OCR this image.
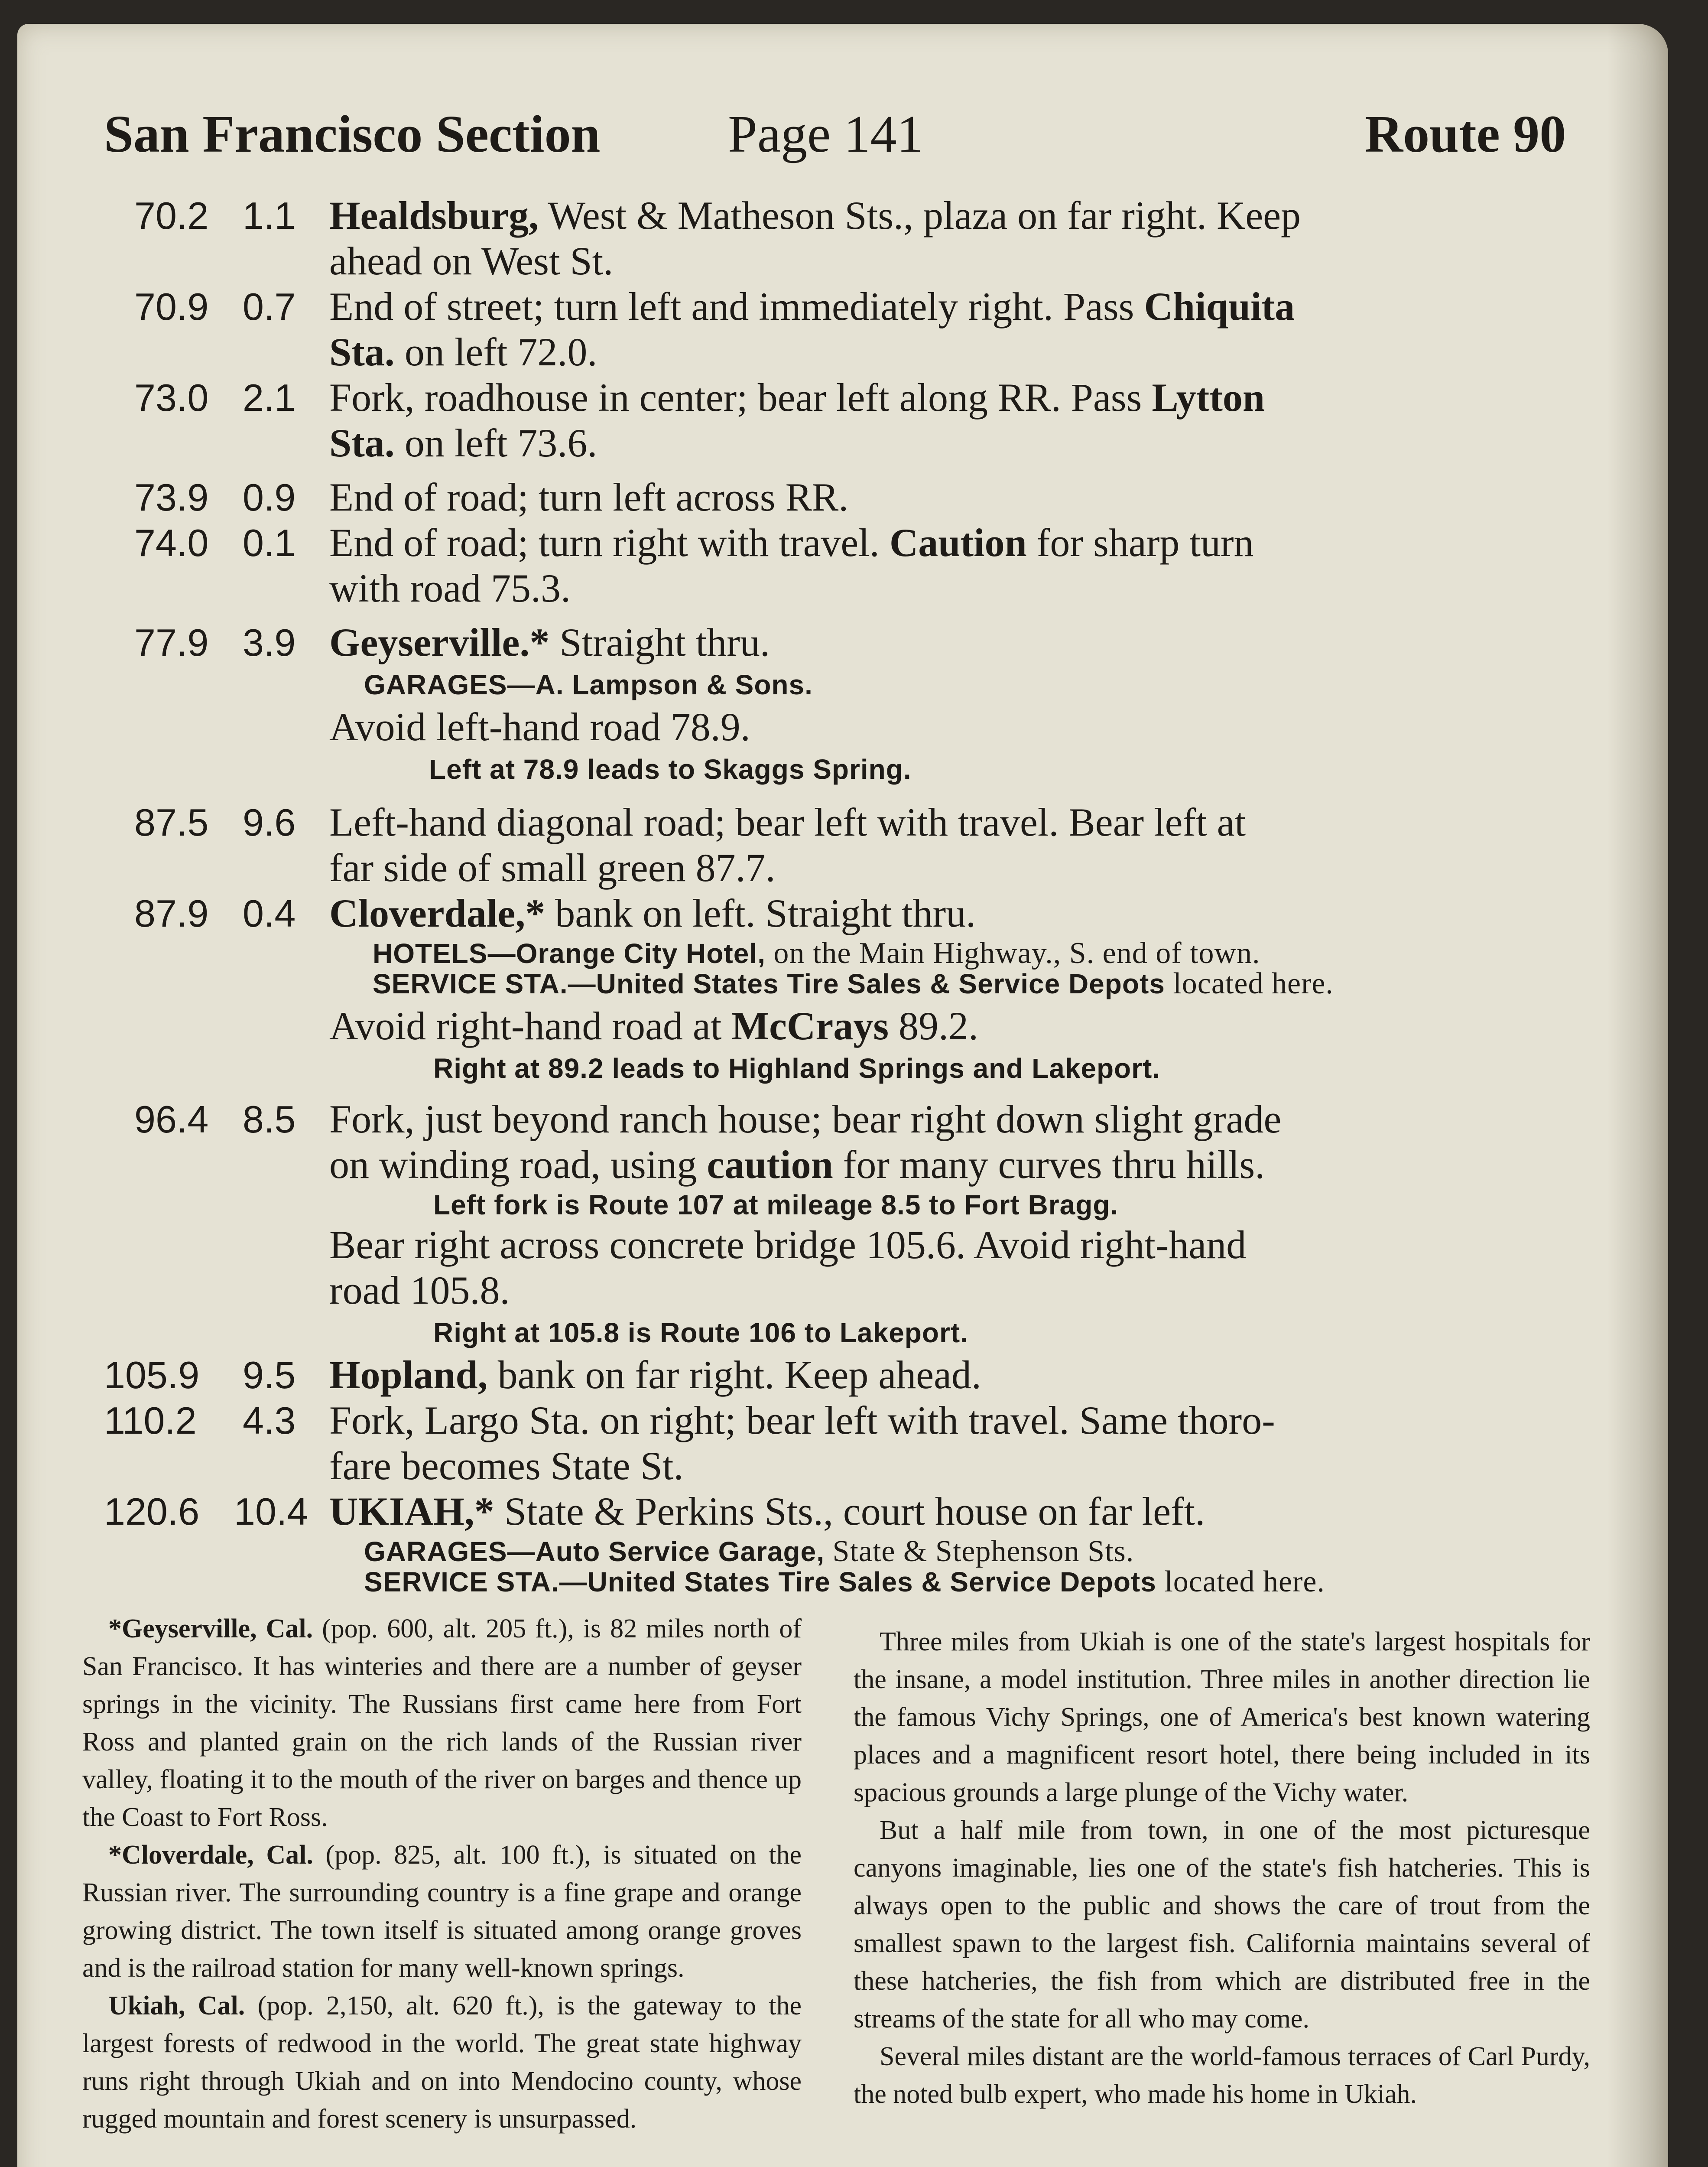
San Francisco Section Page 141	Route 90
70.2 1.1 Healdsburg, West & Matheson Sts., plaza on far right. Keep
ahead on West St.
70.9 0.7 End of street; turn left and immediately right. Pass Chiquita
Sta. on left 72.0.
73.0 2.1 Fork, roadhouse in center; bear left along RR. Pass Lytton
Sta. on left 73.6.
73.9 0.9 End of road; turn left across RR.
74.0 0.1 End of road; turn right with travel. Caution for sharp turn
with road 75.3.
77.9 3.9 Geyserville.* Straight thru.
GARAGES—A. Lampson & Sons.
Avoid left-hand road 78.9.
Left at 78.9 leads to Skaggs Spring.
87.5 9.6 Left-hand diagonal road; bear left with travel. Bear left at
far side of small green 87.7.
87.9 0.4 Cloverdale,* bank on left. Straight thru.
HOTELS—Orange City Hotel, on the Main Highway., S. end of town.
SERVICE STA.—United States Tire Sales & Service Depots located here.
Avoid right-hand road at McCrays 89.2.
Right at 89.2 leads to Highland Springs and Lakeport.
96.4 8.5 Fork, just beyond ranch house; bear right down slight grade
on winding road, using caution for many curves thru hills.
Left fork is Route 107 at mileage 8.5 to Fort Bragg.
Bear right across concrete bridge 105.6. Avoid right-hand
road 105.8.
Right at 105.8 is Route 106 to Lakeport.
105.9 9.5 Hopland, bank on far right. Keep ahead.
110.2 4.3 Fork, Largo Sta. on right; bear left with travel. Same thoro-
fare becomes State St.
120.6 10.4 UKIAH,* State & Perkins Sts., court house on far left.
GARAGES—Auto Service Garage, State & Stephenson Sts.
SERVICE STA.—United States Tire Sales & Service Depots located here.

*Geyserville, Cal. (pop. 600, alt. 205 ft.), is 82 miles north of San Francisco. It has winteries and there are a number of geyser springs in the vicinity. The Russians first came here from Fort Ross and planted grain on the rich lands of the Russian river valley, floating it to the mouth of the river on barges and thence up the Coast to Fort Ross.

*Cloverdale, Cal. (pop. 825, alt. 100 ft.), is situated on the Russian river. The surrounding country is a fine grape and orange growing district. The town itself is situated among orange groves and is the railroad station for many well-known springs.

Ukiah, Cal. (pop. 2,150, alt. 620 ft.), is the gateway to the largest forests of redwood in the world. The great state highway runs right through Ukiah and on into Mendocino county, whose rugged mountain and forest scenery is unsurpassed.

Three miles from Ukiah is one of the state's largest hospitals for the insane, a model institution. Three miles in another direction lie the famous Vichy Springs, one of America's best known watering places and a magnificent resort hotel, there being included in its spacious grounds a large plunge of the Vichy water.

But a half mile from town, in one of the most picturesque canyons imaginable, lies one of the state's fish hatcheries. This is always open to the public and shows the care of trout from the smallest spawn to the largest fish. California maintains several of these hatcheries, the fish from which are distributed free in the streams of the state for all who may come.

Several miles distant are the world-famous terraces of Carl Purdy, the noted bulb expert, who made his home in Ukiah.
